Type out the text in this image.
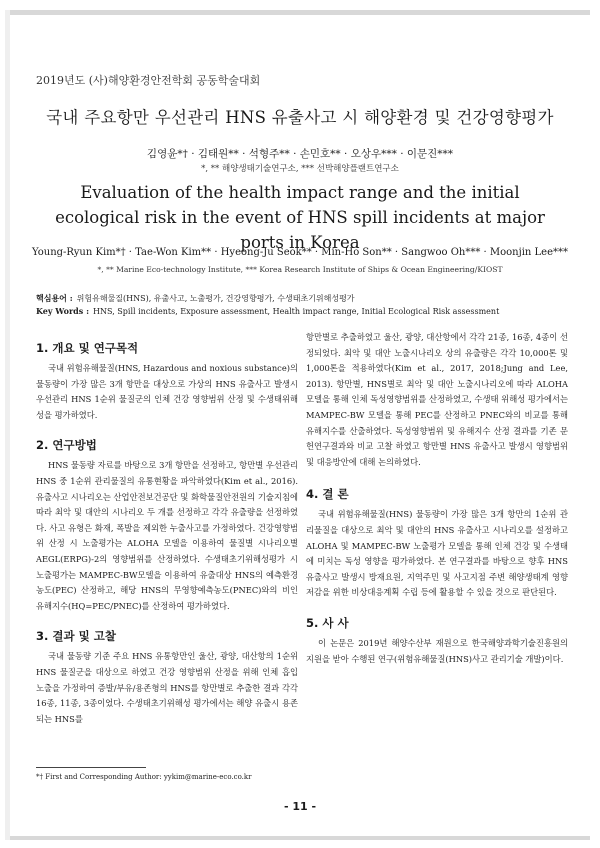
2019년도 (사)해양환경안전학회 공동학술대회
국내 주요항만 우선관리 HNS 유출사고 시 해양환경 및 건강영향평가
김영윤*† · 김태원** · 석형주** · 손민호** · 오상우*** · 이문진***
*, ** 해양생태기술연구소, *** 선박해양플랜트연구소
Evaluation of the health impact range and the initial ecological risk in the event of HNS spill incidents at major ports in Korea
Young-Ryun Kim*† · Tae-Won Kim** · Hyeong-Ju Seok** · Min-Ho Son** · Sangwoo Oh*** · Moonjin Lee***
*, ** Marine Eco-technology Institute, *** Korea Research Institute of Ships & Ocean Engineering/KIOST
핵심용어 : 위험유해물질(HNS), 유출사고, 노출평가, 건강영향평가, 수생태초기위해성평가
Key Words : HNS, Spill incidents, Exposure assessment, Health impact range, Initial Ecological Risk assessment
1. 개요 및 연구목적

국내 위험유해물질(HNS, Hazardous and noxious substance)의 물동량이 가장 많은 3개 항만을 대상으로 가상의 HNS 유출사고 발생시 우선관리 HNS 1순위 물질군의 인체 건강 영향범위 산정 및 수생태위해성을 평가하였다.

2. 연구방법

HNS 물동량 자료를 바탕으로 3개 항만을 선정하고, 항만별 우선관리 HNS 중 1순위 관리물질의 유통현황을 파악하였다(Kim et al., 2016). 유출사고 시나리오는 산업안전보건공단 및 화학물질안전원의 기술지침에 따라 최악 및 대안의 시나리오 두 개를 선정하고 각각 유출량을 선정하였다. 사고 유형은 화재, 폭발을 제외한 누출사고를 가정하였다. 건강영향범위 산정 시 노출평가는 ALOHA 모델을 이용하여 물질별 시나리오별 AEGL(ERPG)-2의 영향범위를 산정하였다. 수생태초기위해성평가 시 노출평가는 MAMPEC-BW모델을 이용하여 유출대상 HNS의 예측환경농도(PEC) 산정하고, 해당 HNS의 무영향예측농도(PNEC)와의 비인 유해지수(HQ=PEC/PNEC)를 산정하여 평가하였다.

3. 결과 및 고찰

국내 물동량 기준 주요 HNS 유통항만인 울산, 광양, 대산항의 1순위 HNS 물질군을 대상으로 하였고 건강 영향범위 산정을 위해 인체 흡입 노출을 가정하여 증발/부유/용존형의 HNS를 항만별로 추출한 결과 각각 16종, 11종, 3종이었다. 수생태초기위해성 평가에서는 해양 유출시 용존되는 HNS를

항만별로 추출하였고 울산, 광양, 대산항에서 각각 21종, 16종, 4종이 선정되었다. 최악 및 대안 노출시나리오 상의 유출량은 각각 10,000톤 및 1,000톤을 적용하였다(Kim et al., 2017, 2018;Jung and Lee, 2013). 항만별, HNS별로 최악 및 대안 노출시나리오에 따라 ALOHA 모델을 통해 인체 독성영향범위를 산정하였고, 수생태 위해성 평가에서는 MAMPEC-BW 모델을 통해 PEC를 산정하고 PNEC와의 비교를 통해 유해지수를 산출하였다. 독성영향범위 및 유해지수 산정 결과를 기존 문헌연구결과와 비교 고찰 하였고 항만별 HNS 유출사고 발생시 영향범위 및 대응방안에 대해 논의하였다.

4. 결 론

국내 위험유해물질(HNS) 물동량이 가장 많은 3개 항만의 1순위 관리물질을 대상으로 최악 및 대안의 HNS 유출사고 시나리오를 설정하고 ALOHA 및 MAMPEC-BW 노출평가 모델을 통해 인체 건강 및 수생태에 미치는 독성 영향을 평가하였다. 본 연구결과를 바탕으로 향후 HNS 유출사고 발생시 방재요원, 지역주민 및 사고지점 주변 해양생태계 영향 저감을 위한 비상대응계획 수립 등에 활용할 수 있을 것으로 판단된다.

5. 사 사

이 논문은 2019년 해양수산부 재원으로 한국해양과학기술진흥원의 지원을 받아 수행된 연구(위험유해물질(HNS)사고 관리기술 개발)이다.

*† First and Corresponding Author: yykim@marine-eco.co.kr
- 11 -
